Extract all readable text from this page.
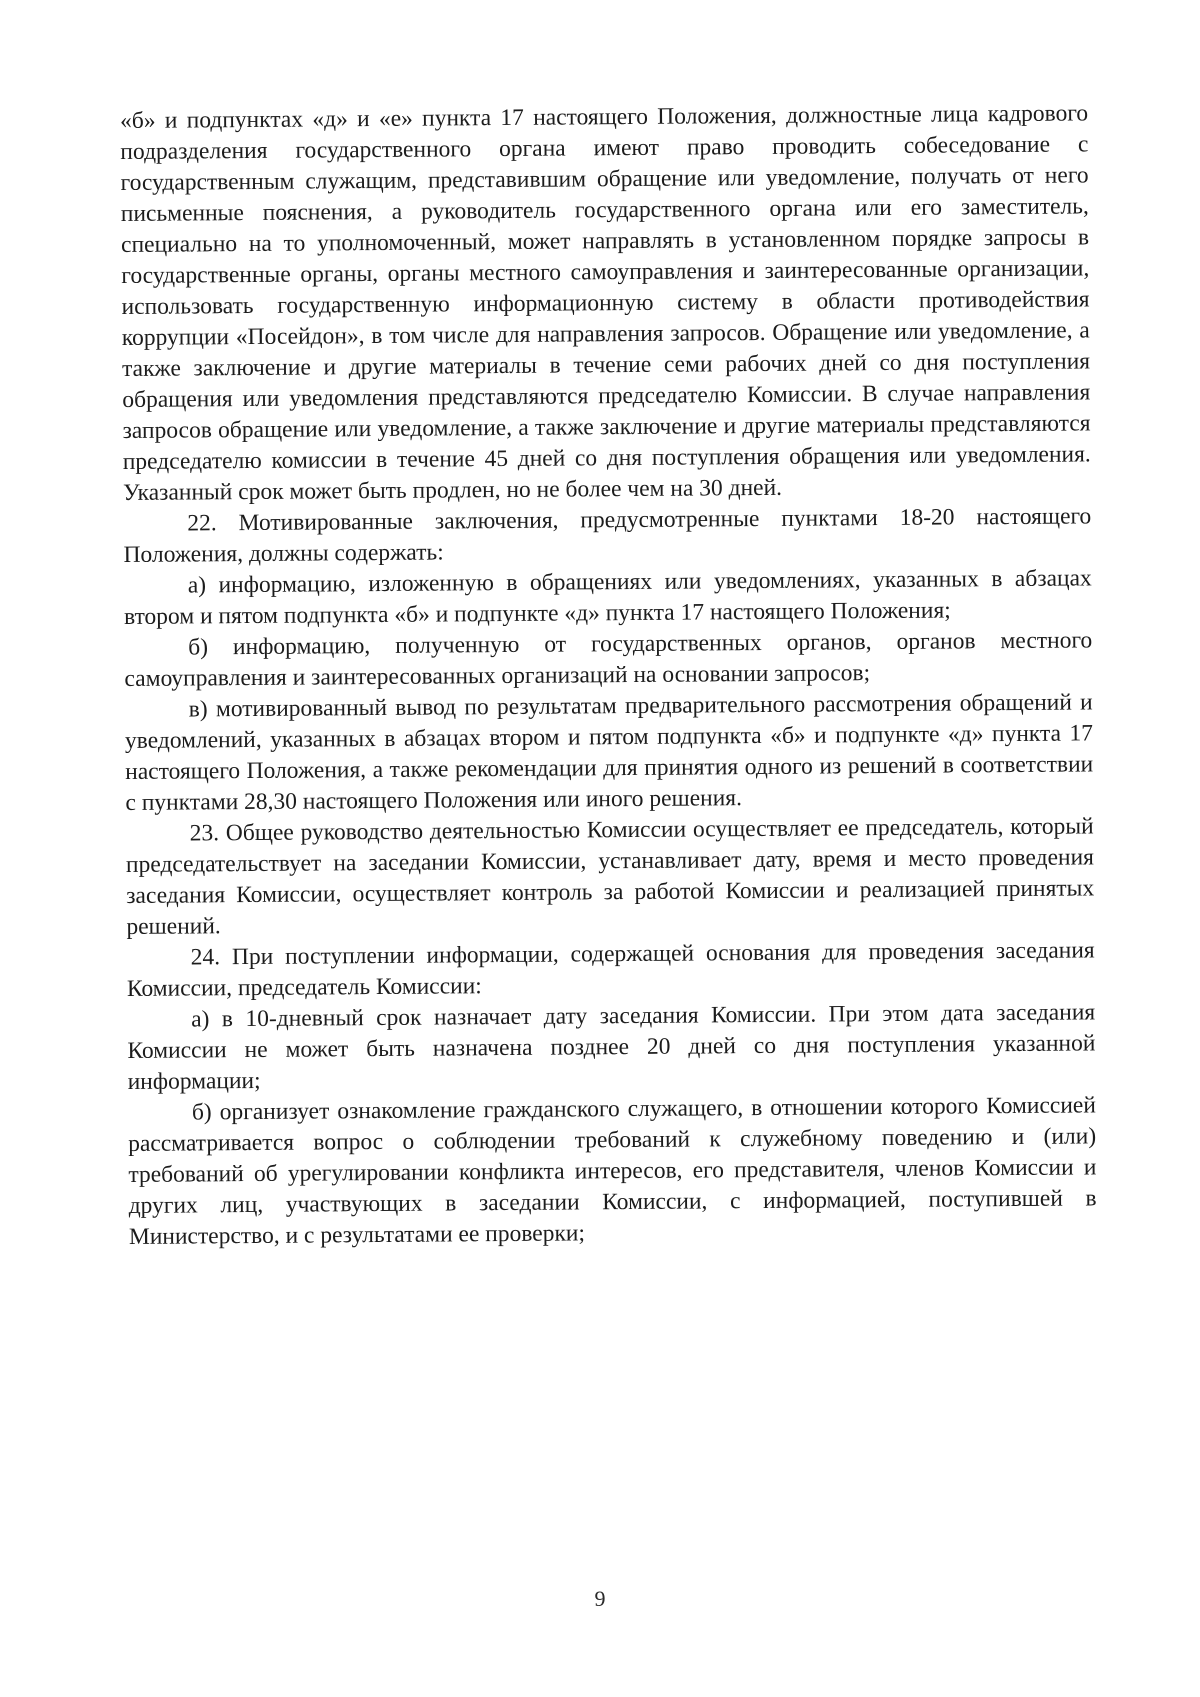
«б» и подпунктах «д» и «е» пункта 17 настоящего Положения, должностные лица кадрового подразделения государственного органа имеют право проводить собеседование с государственным служащим, представившим обращение или уведомление, получать от него письменные пояснения, а руководитель государственного органа или его заместитель, специально на то уполномоченный, может направлять в установленном порядке запросы в государственные органы, органы местного самоуправления и заинтересованные организации, использовать государственную информационную систему в области противодействия коррупции «Посейдон», в том числе для направления запросов. Обращение или уведомление, а также заключение и другие материалы в течение семи рабочих дней со дня поступления обращения или уведомления представляются председателю Комиссии. В случае направления запросов обращение или уведомление, а также заключение и другие материалы представляются председателю комиссии в течение 45 дней со дня поступления обращения или уведомления. Указанный срок может быть продлен, но не более чем на 30 дней.

22. Мотивированные заключения, предусмотренные пунктами 18-20 настоящего Положения, должны содержать:

а) информацию, изложенную в обращениях или уведомлениях, указанных в абзацах втором и пятом подпункта «б» и подпункте «д» пункта 17 настоящего Положения;

б) информацию, полученную от государственных органов, органов местного самоуправления и заинтересованных организаций на основании запросов;

в) мотивированный вывод по результатам предварительного рассмотрения обращений и уведомлений, указанных в абзацах втором и пятом подпункта «б» и подпункте «д» пункта 17 настоящего Положения, а также рекомендации для принятия одного из решений в соответствии с пунктами 28,30 настоящего Положения или иного решения.

23. Общее руководство деятельностью Комиссии осуществляет ее председатель, который председательствует на заседании Комиссии, устанавливает дату, время и место проведения заседания Комиссии, осуществляет контроль за работой Комиссии и реализацией принятых решений.

24. При поступлении информации, содержащей основания для проведения заседания Комиссии, председатель Комиссии:

а) в 10-дневный срок назначает дату заседания Комиссии. При этом дата заседания Комиссии не может быть назначена позднее 20 дней со дня поступления указанной информации;

б) организует ознакомление гражданского служащего, в отношении которого Комиссией рассматривается вопрос о соблюдении требований к служебному поведению и (или) требований об урегулировании конфликта интересов, его представителя, членов Комиссии и других лиц, участвующих в заседании Комиссии, с информацией, поступившей в Министерство, и с результатами ее проверки;

9
